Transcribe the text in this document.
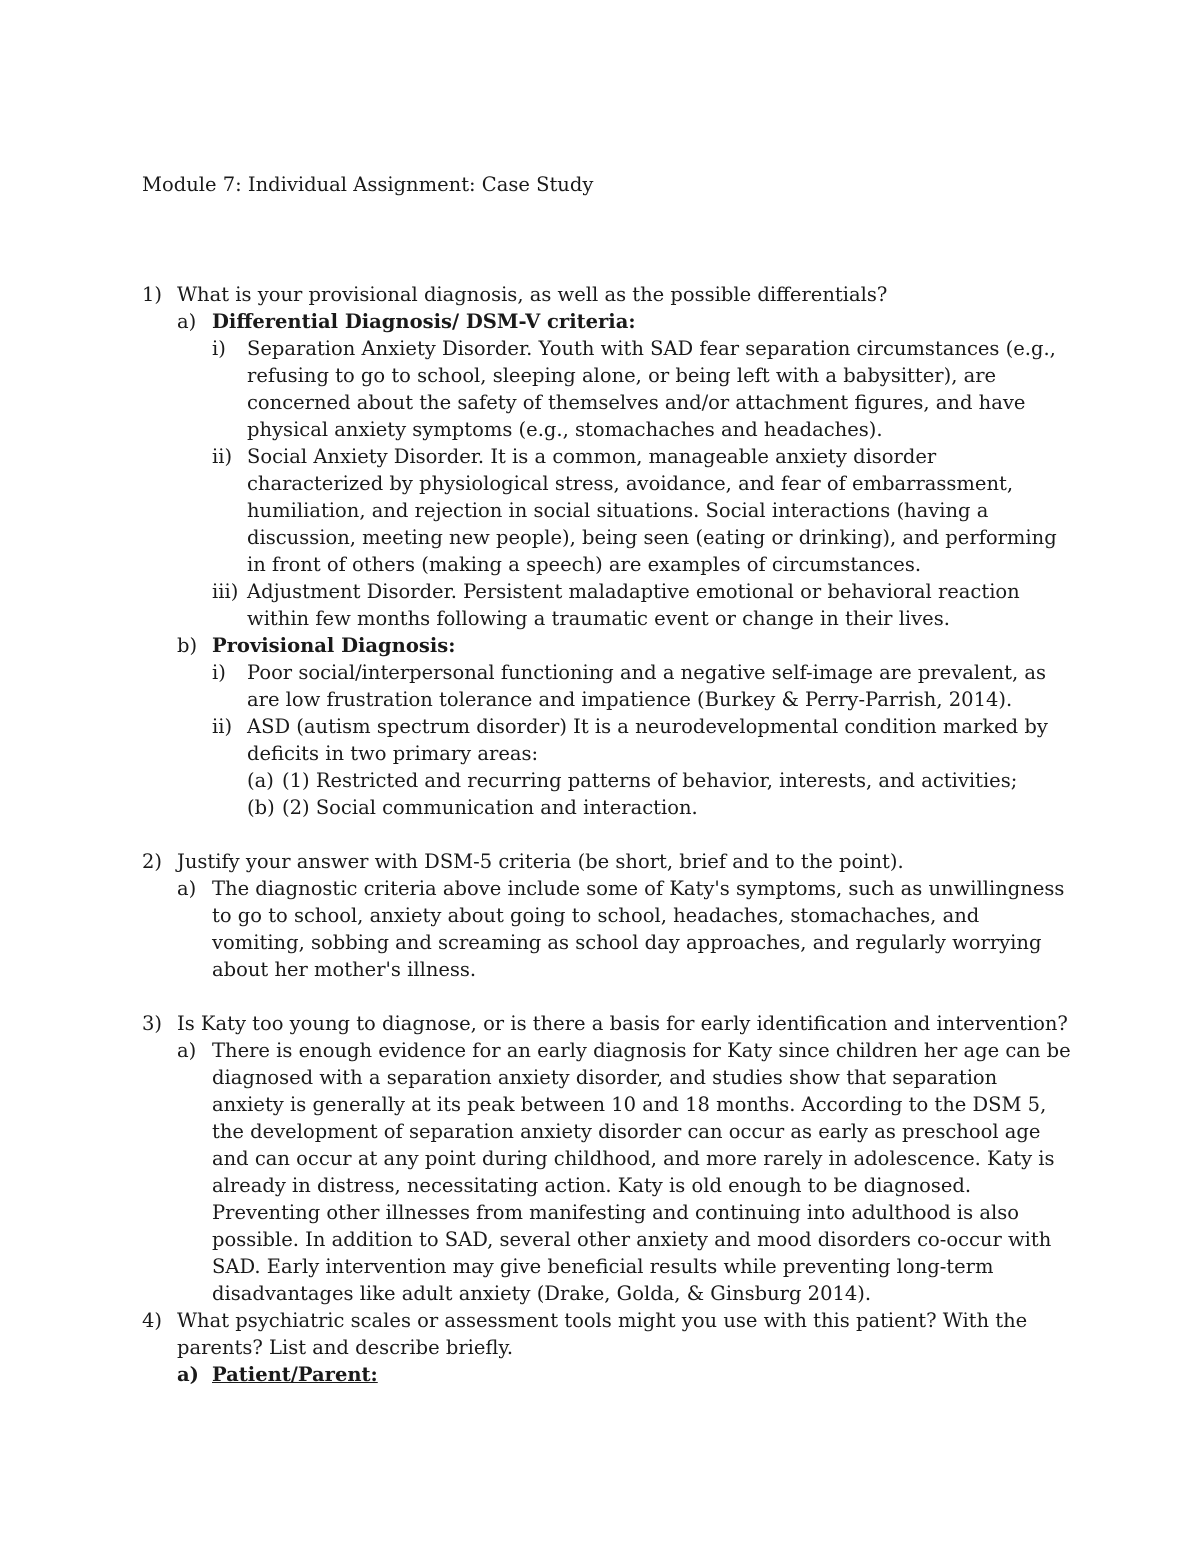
Module 7: Individual Assignment: Case Study
1) What is your provisional diagnosis, as well as the possible differentials?
a) Differential Diagnosis/ DSM-V criteria:
i)	Separation Anxiety Disorder. Youth with SAD fear separation circumstances (e.g., refusing to go to school, sleeping alone, or being left with a babysitter), are concerned about the safety of themselves and/or attachment figures, and have physical anxiety symptoms (e.g., stomachaches and headaches).
ii) Social Anxiety Disorder. It is a common, manageable anxiety disorder characterized by physiological stress, avoidance, and fear of embarrassment, humiliation, and rejection in social situations. Social interactions (having a discussion, meeting new people), being seen (eating or drinking), and performing in front of others (making a speech) are examples of circumstances.
iii) Adjustment Disorder. Persistent maladaptive emotional or behavioral reaction within few months following a traumatic event or change in their lives.
b) Provisional Diagnosis:
i)	Poor social/interpersonal functioning and a negative self-image are prevalent, as are low frustration tolerance and impatience (Burkey & Perry-Parrish, 2014).
ii) ASD (autism spectrum disorder) It is a neurodevelopmental condition marked by deficits in two primary areas:
(a) (1) Restricted and recurring patterns of behavior, interests, and activities;
(b) (2) Social communication and interaction.
2) Justify your answer with DSM-5 criteria (be short, brief and to the point).
a) The diagnostic criteria above include some of Katy's symptoms, such as unwillingness to go to school, anxiety about going to school, headaches, stomachaches, and vomiting, sobbing and screaming as school day approaches, and regularly worrying about her mother's illness.
3) Is Katy too young to diagnose, or is there a basis for early identification and intervention?
a) There is enough evidence for an early diagnosis for Katy since children her age can be diagnosed with a separation anxiety disorder, and studies show that separation anxiety is generally at its peak between 10 and 18 months. According to the DSM 5, the development of separation anxiety disorder can occur as early as preschool age and can occur at any point during childhood, and more rarely in adolescence. Katy is already in distress, necessitating action. Katy is old enough to be diagnosed. Preventing other illnesses from manifesting and continuing into adulthood is also possible. In addition to SAD, several other anxiety and mood disorders co-occur with SAD. Early intervention may give beneficial results while preventing long-term disadvantages like adult anxiety (Drake, Golda, & Ginsburg 2014).
4) What psychiatric scales or assessment tools might you use with this patient? With the parents? List and describe briefly.
a) Patient/Parent:
